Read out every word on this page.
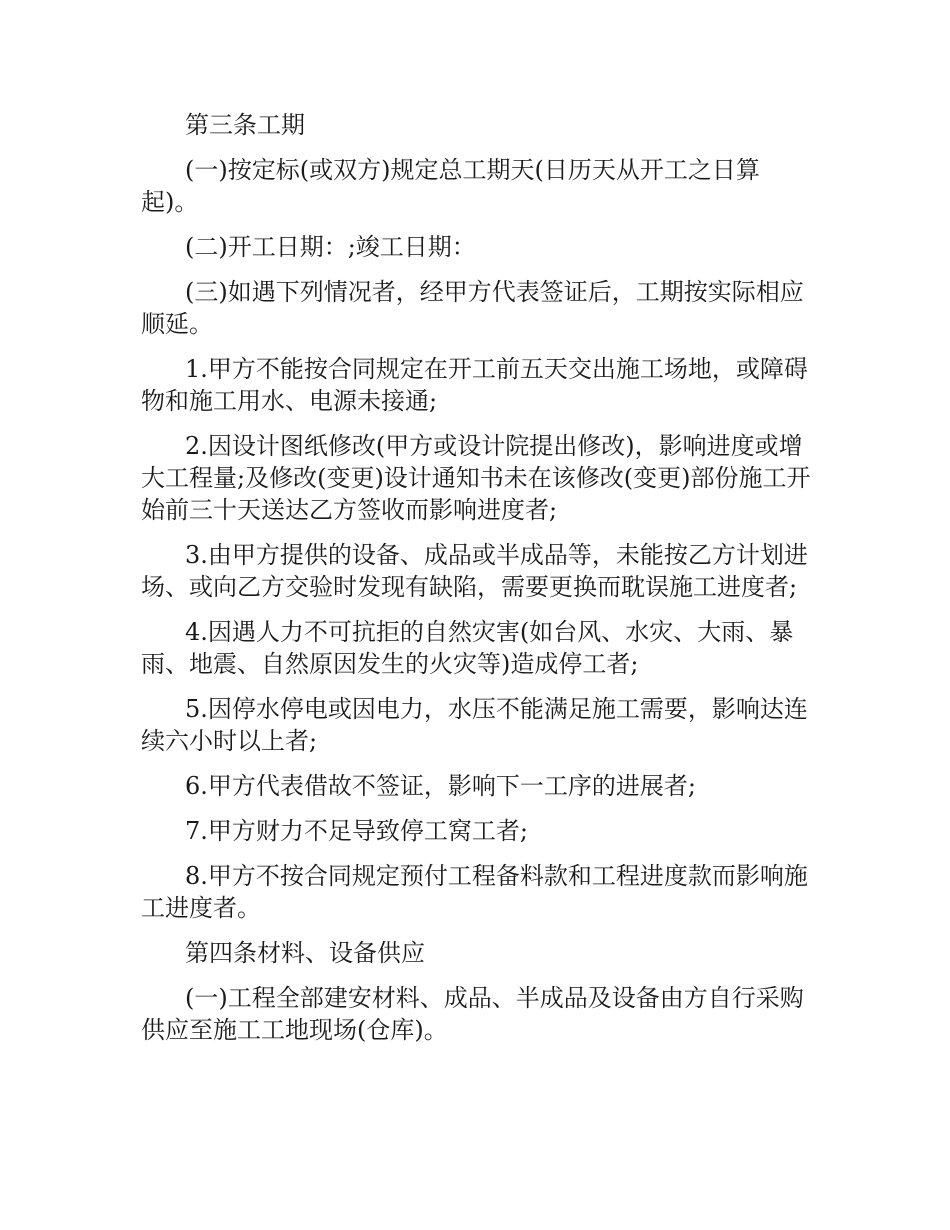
第三条工期

(一)按定标(或双方)规定总工期天(日历天从开工之日算起)。

(二)开工日期：;竣工日期：

(三)如遇下列情况者，经甲方代表签证后，工期按实际相应顺延。

1.甲方不能按合同规定在开工前五天交出施工场地，或障碍物和施工用水、电源未接通;

2.因设计图纸修改(甲方或设计院提出修改)，影响进度或增大工程量;及修改(变更)设计通知书未在该修改(变更)部份施工开始前三十天送达乙方签收而影响进度者;

3.由甲方提供的设备、成品或半成品等，未能按乙方计划进场、或向乙方交验时发现有缺陷，需要更换而耽误施工进度者;

4.因遇人力不可抗拒的自然灾害(如台风、水灾、大雨、暴雨、地震、自然原因发生的火灾等)造成停工者;

5.因停水停电或因电力，水压不能满足施工需要，影响达连续六小时以上者;

6.甲方代表借故不签证，影响下一工序的进展者;

7.甲方财力不足导致停工窝工者;

8.甲方不按合同规定预付工程备料款和工程进度款而影响施工进度者。

第四条材料、设备供应

(一)工程全部建安材料、成品、半成品及设备由方自行采购供应至施工工地现场(仓库)。
